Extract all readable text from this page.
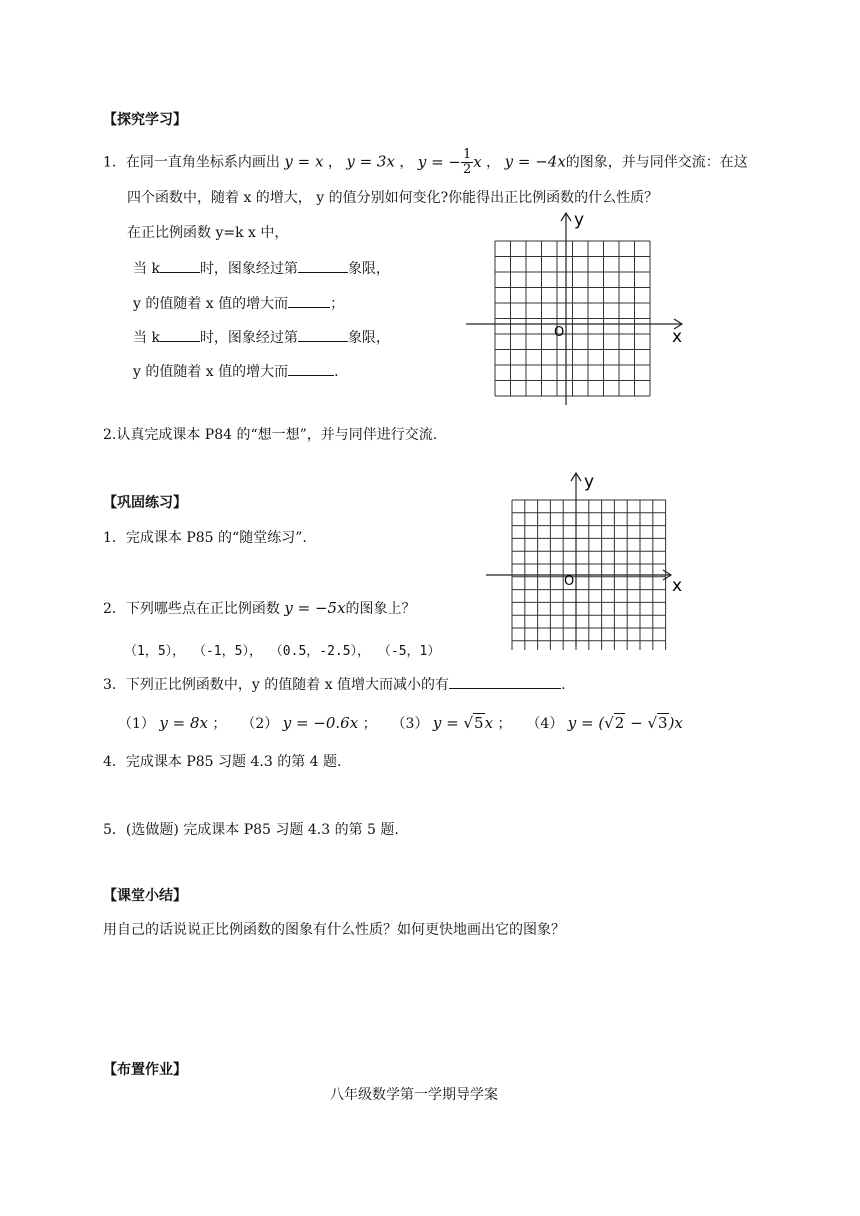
【探究学习】
1．在同一直角坐标系内画出 y = x ， y = 3x ， y = − $\frac{1}{2}$ x ， y = −4x的图象，并与同伴交流：在这
四个函数中，随着 x 的增大， y 的值分别如何变化?你能得出正比例函数的什么性质？
在正比例函数 y=k x 中，
当 k	时，图象经过第	象限，
y 的值随着 x 值的增大而	；
当 k	时，图象经过第	象限，
y 的值随着 x 值的增大而	.
x
y
O
2.认真完成课本 P84 的“想一想”，并与同伴进行交流.
【巩固练习】
1．完成课本 P85 的“随堂练习”.
x
y
O
2．下列哪些点在正比例函数 y = −5x的图象上？
（1，5）， （-1，5）， （0.5，-2.5）， （-5，1）
3．下列正比例函数中，y 的值随着 x 值增大而减小的有	.
（1） y = 8x ；  （2） y = −0.6x ；  （3） y = √5x ；  （4） y = (√2 − √3)x
4．完成课本 P85 习题 4.3 的第 4 题.
5．(选做题) 完成课本 P85 习题 4.3 的第 5 题.
【课堂小结】
用自己的话说说正比例函数的图象有什么性质？如何更快地画出它的图象？
【布置作业】
八年级数学第一学期导学案
